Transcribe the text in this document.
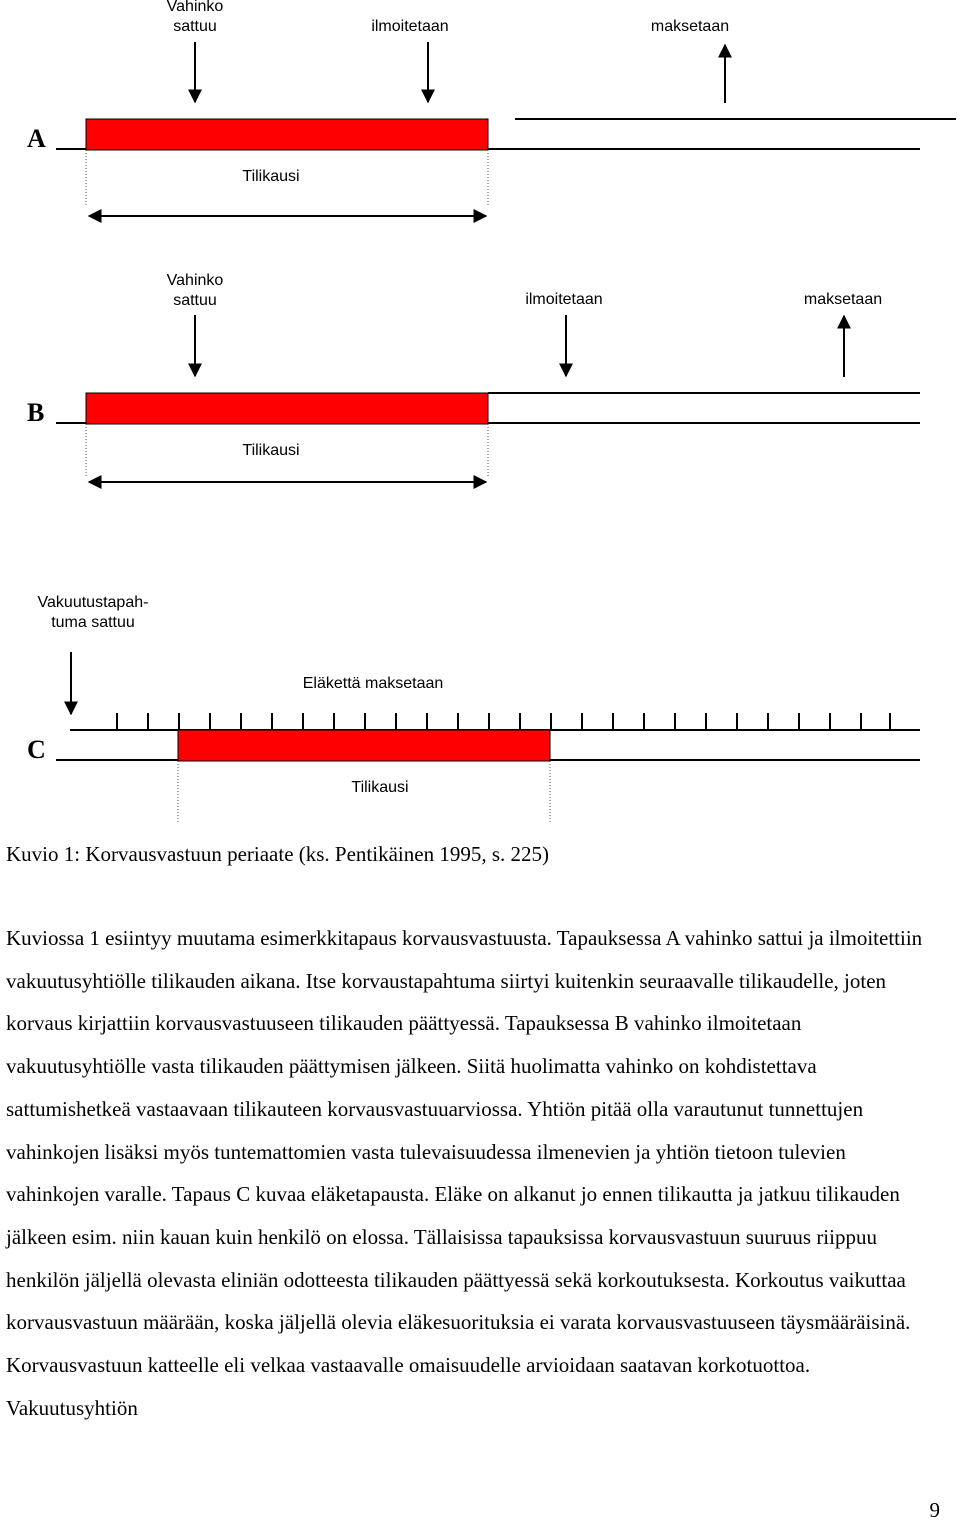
Vahinko
sattuu	ilmoitetaan	maksetaan
A
Tilikausi
Vahinko
sattuu	ilmoitetaan	maksetaan
B
Tilikausi
Vakuutustapah-
tuma sattuu
Eläkettä maksetaan
C
Tilikausi
Kuvio 1: Korvausvastuun periaate (ks. Pentikäinen 1995, s. 225)

Kuviossa 1 esiintyy muutama esimerkkitapaus korvausvastuusta. Tapauksessa A vahinko sattui ja ilmoitettiin vakuutusyhtiölle tilikauden aikana. Itse korvaustapahtuma siirtyi kuitenkin seuraavalle tilikaudelle, joten korvaus kirjattiin korvausvastuuseen tilikauden päättyessä. Tapauksessa B vahinko ilmoitetaan vakuutusyhtiölle vasta tilikauden päättymisen jälkeen. Siitä huolimatta vahinko on kohdistettava sattumishetkeä vastaavaan tilikauteen korvausvastuuarviossa. Yhtiön pitää olla varautunut tunnettujen vahinkojen lisäksi myös tuntemattomien vasta tulevaisuudessa ilmenevien ja yhtiön tietoon tulevien vahinkojen varalle. Tapaus C kuvaa eläketapausta. Eläke on alkanut jo ennen tilikautta ja jatkuu tilikauden jälkeen esim. niin kauan kuin henkilö on elossa. Tällaisissa tapauksissa korvausvastuun suuruus riippuu henkilön jäljellä olevasta eliniän odotteesta tilikauden päättyessä sekä korkoutuksesta. Korkoutus vaikuttaa korvausvastuun määrään, koska jäljellä olevia eläkesuorituksia ei varata korvausvastuuseen täysmääräisinä. Korvausvastuun katteelle eli velkaa vastaavalle omaisuudelle arvioidaan saatavan korkotuottoa. Vakuutusyhtiön

9
